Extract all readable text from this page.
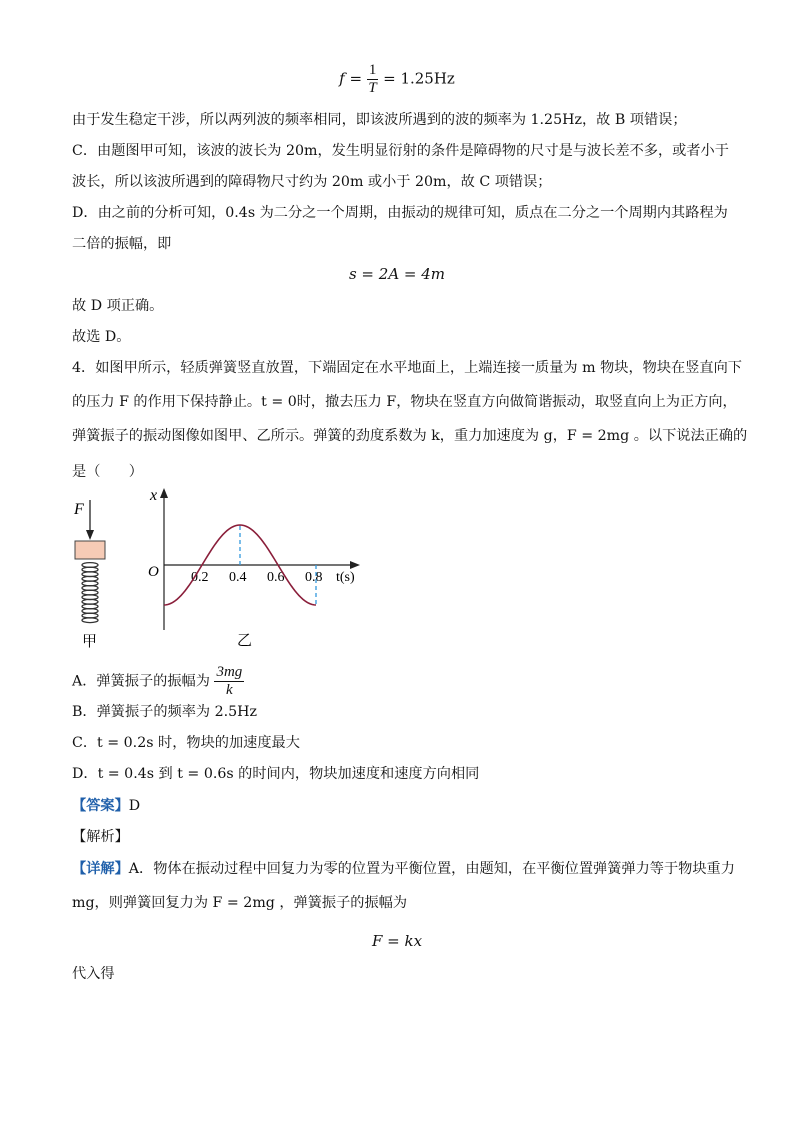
$f = \frac{1}{T} = 1.25Hz$
由于发生稳定干涉，所以两列波的频率相同，即该波所遇到的波的频率为 1.25Hz，故 B 项错误；
C．由题图甲可知，该波的波长为 20m，发生明显衍射的条件是障碍物的尺寸是与波长差不多，或者小于
波长，所以该波所遇到的障碍物尺寸约为 20m 或小于 20m，故 C 项错误；
D．由之前的分析可知，0.4s 为二分之一个周期，由振动的规律可知，质点在二分之一个周期内其路程为
二倍的振幅，即
s = 2A = 4m
故 D 项正确。
故选 D。
4．如图甲所示，轻质弹簧竖直放置，下端固定在水平地面上，上端连接一质量为 m 物块，物块在竖直向下
的压力 F 的作用下保持静止。t = 0时，撤去压力 F，物块在竖直方向做简谐振动，取竖直向上为正方向，
弹簧振子的振动图像如图甲、乙所示。弹簧的劲度系数为 k，重力加速度为 g，F = 2mg 。以下说法正确的
是（　　）
F
甲
x
O	t(s)
0.2 0.4 0.6 0.8
乙
A．弹簧振子的振幅为 $\frac{3mg}{k}$
B．弹簧振子的频率为 2.5Hz
C．t = 0.2s 时，物块的加速度最大
D．t = 0.4s 到 t = 0.6s 的时间内，物块加速度和速度方向相同
【答案】D
【解析】
【详解】A．物体在振动过程中回复力为零的位置为平衡位置，由题知，在平衡位置弹簧弹力等于物块重力
mg，则弹簧回复力为 F = 2mg ，弹簧振子的振幅为
F = kx
代入得
